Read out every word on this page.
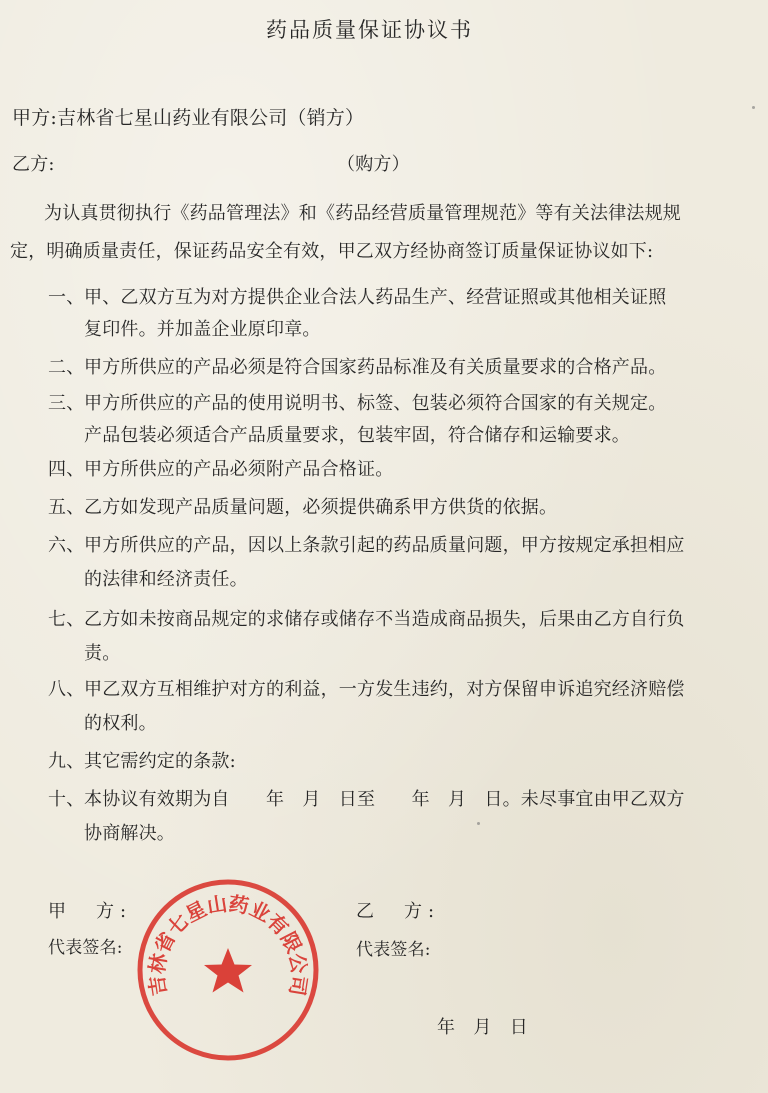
药品质量保证协议书
甲方:吉林省七星山药业有限公司（销方）
乙方:	（购方）
为认真贯彻执行《药品管理法》和《药品经营质量管理规范》等有关法律法规规
定，明确质量责任，保证药品安全有效，甲乙双方经协商签订质量保证协议如下:
一、 甲、乙双方互为对方提供企业合法人药品生产、经营证照或其他相关证照
复印件。并加盖企业原印章。
二、 甲方所供应的产品必须是符合国家药品标准及有关质量要求的合格产品。
三、 甲方所供应的产品的使用说明书、标签、包装必须符合国家的有关规定。
产品包装必须适合产品质量要求，包装牢固，符合储存和运输要求。
四、 甲方所供应的产品必须附产品合格证。
五、 乙方如发现产品质量问题，必须提供确系甲方供货的依据。
六、 甲方所供应的产品，因以上条款引起的药品质量问题，甲方按规定承担相应
的法律和经济责任。
七、 乙方如未按商品规定的求储存或储存不当造成商品损失，后果由乙方自行负
责。
八、 甲乙双方互相维护对方的利益，一方发生违约，对方保留申诉追究经济赔偿
的权利。
九、 其它需约定的条款:
十、 本协议有效期为自　　年　月　日至　　年　月　日。未尽事宜由甲乙双方
协商解决。
甲　方:
代表签名:
乙　方:
代表签名:
年　月　日
吉林省七星山药业有限公司
